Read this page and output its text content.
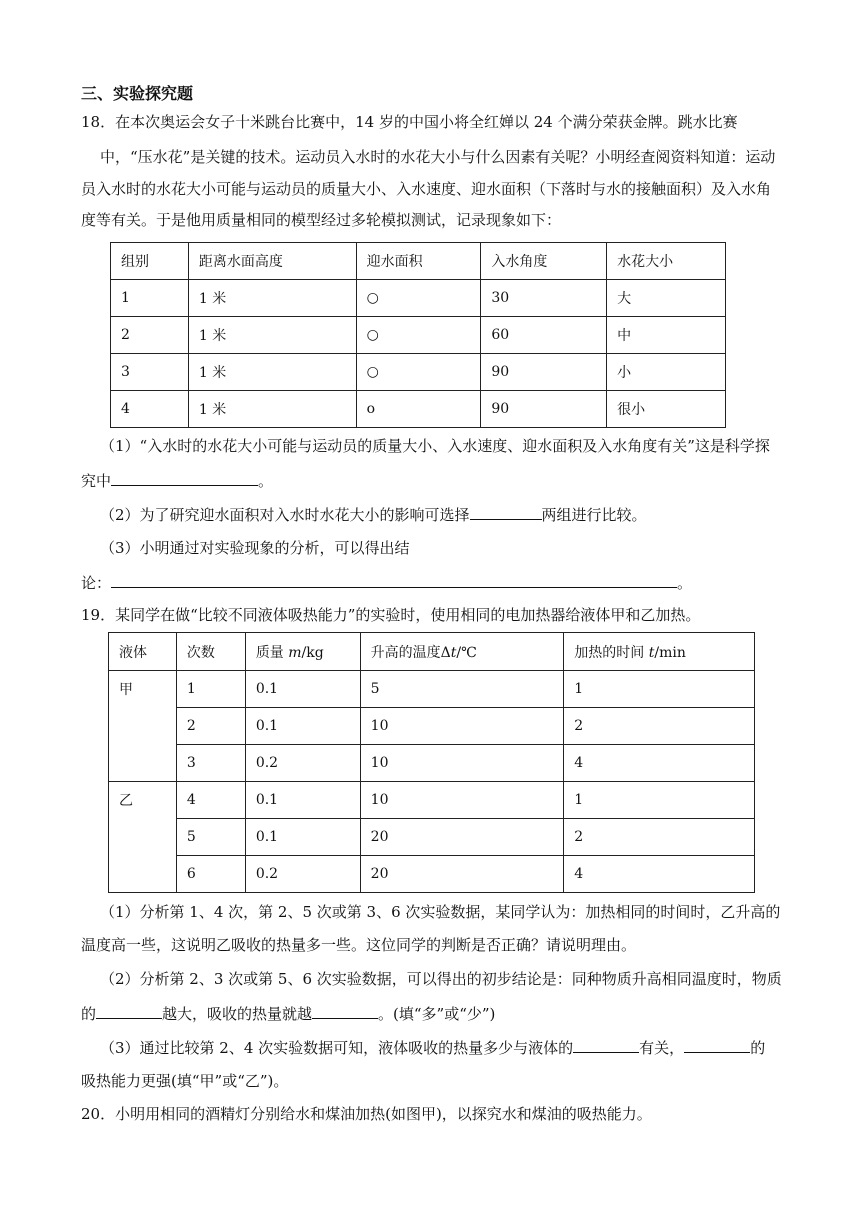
三、实验探究题
18．在本次奥运会女子十米跳台比赛中，14 岁的中国小将全红婵以 24 个满分荣获金牌。跳水比赛
中，“压水花”是关键的技术。运动员入水时的水花大小与什么因素有关呢？小明经查阅资料知道：运动
员入水时的水花大小可能与运动员的质量大小、入水速度、迎水面积（下落时与水的接触面积）及入水角
度等有关。于是他用质量相同的模型经过多轮模拟测试，记录现象如下：
组别	距离水面高度	迎水面积	入水角度	水花大小
1	1 米	○	30	大
2	1 米	○	60	中
3	1 米	○	90	小
4	1 米	o	90	很小
（1）“入水时的水花大小可能与运动员的质量大小、入水速度、迎水面积及入水角度有关”这是科学探
究中	。
（2）为了研究迎水面积对入水时水花大小的影响可选择	两组进行比较。
（3）小明通过对实验现象的分析，可以得出结
论：	。
19．某同学在做“比较不同液体吸热能力”的实验时，使用相同的电加热器给液体甲和乙加热。
液体	次数	质量 m/kg	升高的温度Δt/℃	加热的时间 t/min
甲	1	0.1	5	1
	2	0.1	10	2
	3	0.2	10	4
乙	4	0.1	10	1
	5	0.1	20	2
	6	0.2	20	4
（1）分析第 1、4 次，第 2、5 次或第 3、6 次实验数据，某同学认为：加热相同的时间时，乙升高的
温度高一些，这说明乙吸收的热量多一些。这位同学的判断是否正确？请说明理由。
（2）分析第 2、3 次或第 5、6 次实验数据，可以得出的初步结论是：同种物质升高相同温度时，物质
的	越大，吸收的热量就越	。(填“多”或“少”)
（3）通过比较第 2、4 次实验数据可知，液体吸收的热量多少与液体的	有关，	的
吸热能力更强(填“甲”或“乙”)。
20．小明用相同的酒精灯分别给水和煤油加热(如图甲)，以探究水和煤油的吸热能力。
